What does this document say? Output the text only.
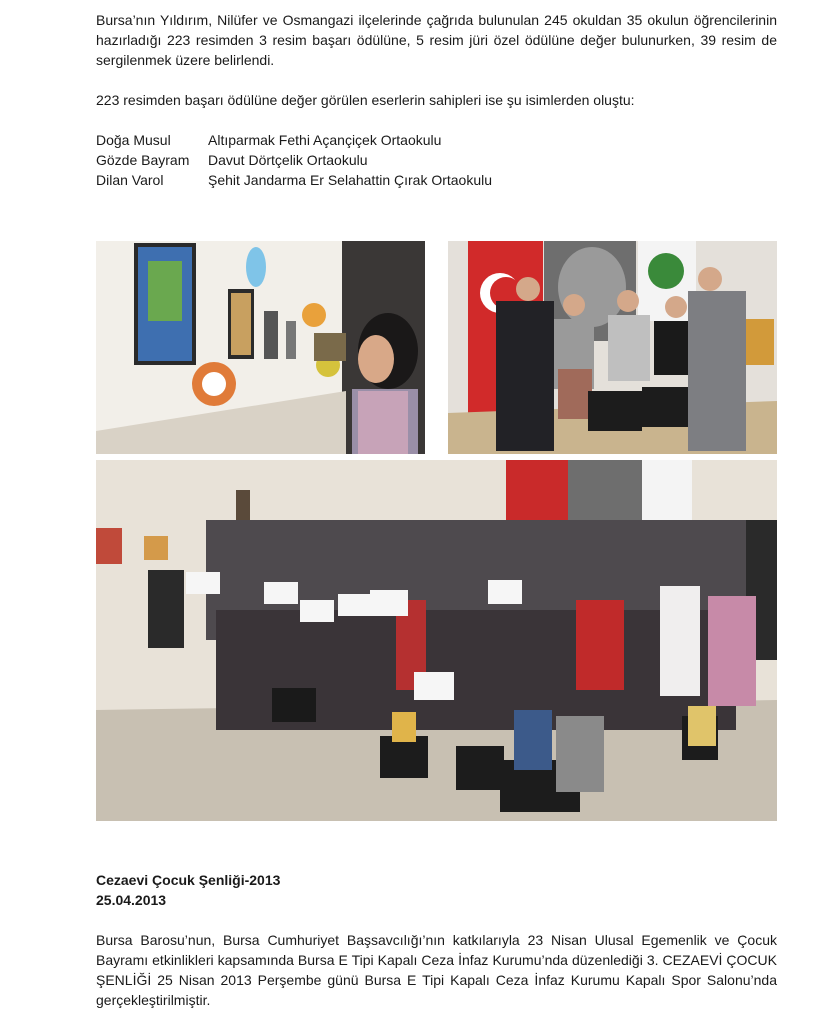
Bursa’nın Yıldırım, Nilüfer ve Osmangazi ilçelerinde çağrıda bulunulan 245 okuldan 35 okulun öğrencilerinin hazırladığı 223 resimden 3 resim başarı ödülüne, 5 resim jüri özel ödülüne değer bulunurken, 39 resim de sergilenmek üzere belirlendi.

223 resimden başarı ödülüne değer görülen eserlerin sahipleri ise şu isimlerden oluştu:

Doğa Musul	Altıparmak Fethi Açançiçek Ortaokulu
Gözde Bayram	Davut Dörtçelik Ortaokulu
Dilan Varol	Şehit Jandarma Er Selahattin Çırak Ortaokulu
Cezaevi Çocuk Şenliği-2013
25.04.2013

Bursa Barosu’nun, Bursa Cumhuriyet Başsavcılığı’nın katkılarıyla 23 Nisan Ulusal Egemenlik ve Çocuk Bayramı etkinlikleri kapsamında Bursa E Tipi Kapalı Ceza İnfaz Kurumu’nda düzenlediği 3. CEZAEVİ ÇOCUK ŞENLİĞİ 25 Nisan 2013 Perşembe günü Bursa E Tipi Kapalı Ceza İnfaz Kurumu Kapalı Spor Salonu’nda gerçekleştirilmiştir.
